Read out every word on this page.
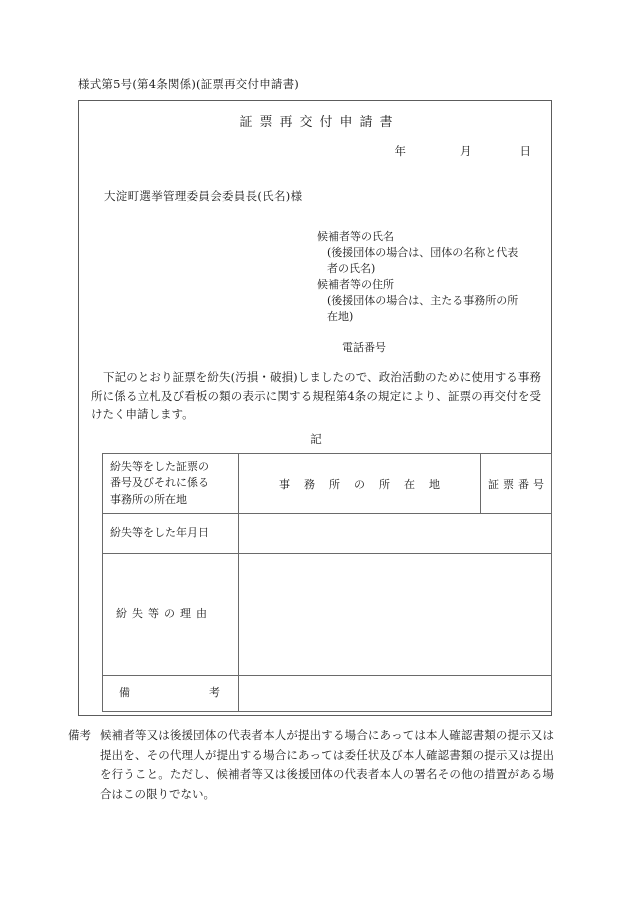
様式第5号(第4条関係)(証票再交付申請書)
証票再交付申請書
年	月	日
大淀町選挙管理委員会委員長(氏名)様
候補者等の氏名
(後援団体の場合は、団体の名称と代表
者の氏名)
候補者等の住所
(後援団体の場合は、主たる事務所の所
在地)
電話番号
下記のとおり証票を紛失(汚損・破損)しましたので、政治活動のために使用する事務所に係る立札及び看板の類の表示に関する規程第4条の規定により、証票の再交付を受けたく申請します。
記
紛失等をした証票の
番号及びそれに係る
事務所の所在地	事務所の所在地	証票番号
紛失等をした年月日		
紛失等の理由		

備 考		

備考 候補者等又は後援団体の代表者本人が提出する場合にあっては本人確認書類の提示又は提出を、その代理人が提出する場合にあっては委任状及び本人確認書類の提示又は提出を行うこと。ただし、候補者等又は後援団体の代表者本人の署名その他の措置がある場合はこの限りでない。
